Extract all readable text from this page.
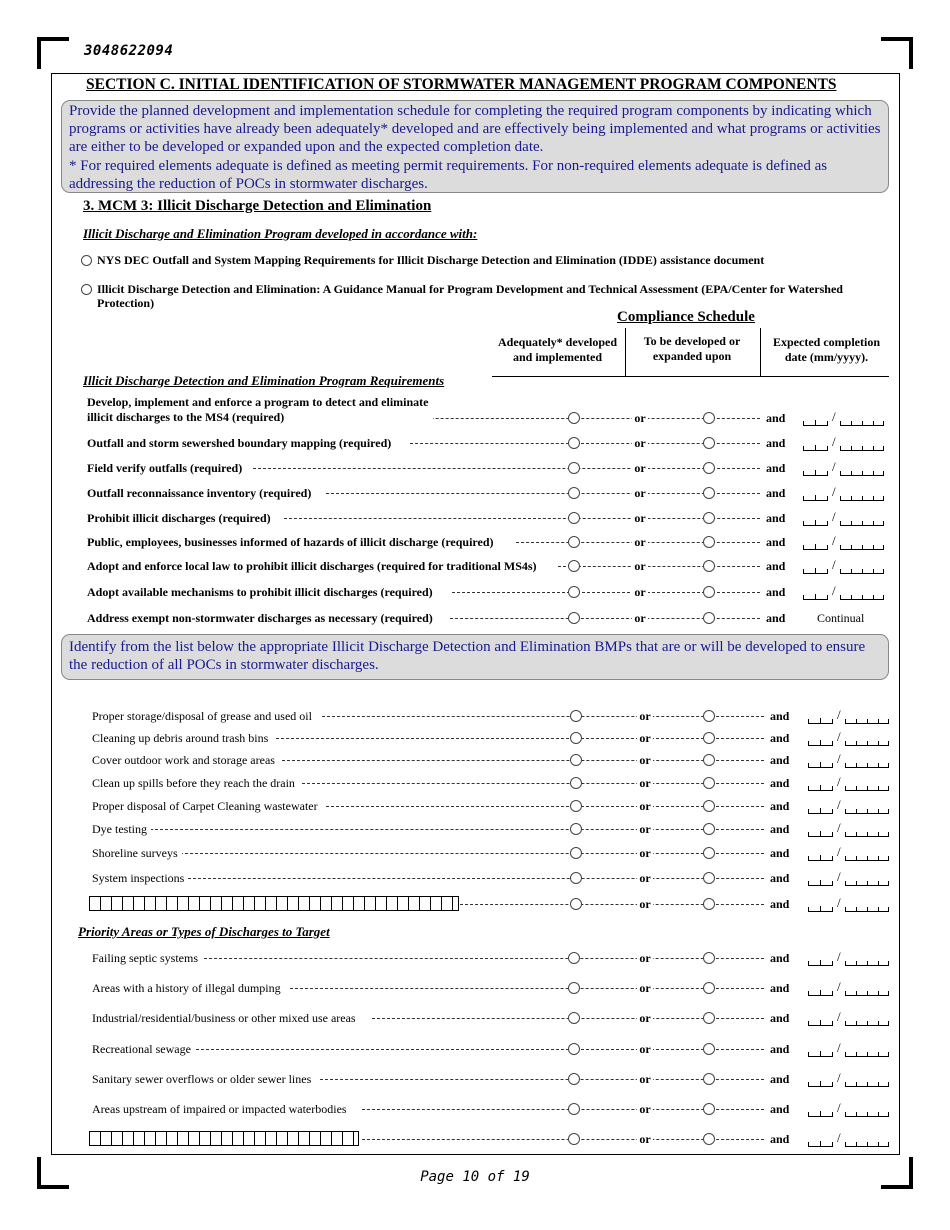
3048622094
SECTION C. INITIAL IDENTIFICATION OF STORMWATER MANAGEMENT PROGRAM COMPONENTS
Provide the planned development and implementation schedule for completing the required program components by indicating which programs or activities have already been adequately* developed and are effectively being implemented and what programs or activities are either to be developed or expanded upon and the expected completion date.
* For required elements adequate is defined as meeting permit requirements. For non-required elements adequate is defined as addressing the reduction of POCs in stormwater discharges.
3. MCM 3: Illicit Discharge Detection and Elimination
Illicit Discharge and Elimination Program developed in accordance with:
NYS DEC Outfall and System Mapping Requirements for Illicit Discharge Detection and Elimination (IDDE) assistance document
Illicit Discharge Detection and Elimination: A Guidance Manual for Program Development and Technical Assessment (EPA/Center for Watershed Protection)
Compliance Schedule
Adequately* developed and implemented
To be developed or expanded upon
Expected completion date (mm/yyyy).
Illicit Discharge Detection and Elimination Program Requirements
Develop, implement and enforce a program to detect and eliminate
illicit discharges to the MS4 (required)	or	and	/
Outfall and storm sewershed boundary mapping (required)	or	and	/
Field verify outfalls (required)	or	and	/
Outfall reconnaissance inventory (required)	or	and	/
Prohibit illicit discharges (required)	or	and	/
Public, employees, businesses informed of hazards of illicit discharge (required)	or	and	/
Adopt and enforce local law to prohibit illicit discharges (required for traditional MS4s)	or	and	/
Adopt available mechanisms to prohibit illicit discharges (required)	or	and	/
Address exempt non-stormwater discharges as necessary (required)	or	and	Continual
Identify from the list below the appropriate Illicit Discharge Detection and Elimination BMPs that are or will be developed to ensure the reduction of all POCs in stormwater discharges.
Proper storage/disposal of grease and used oil	or	and	/
Cleaning up debris around trash bins	or	and	/
Cover outdoor work and storage areas	or	and	/
Clean up spills before they reach the drain	or	and	/
Proper disposal of Carpet Cleaning wastewater	or	and	/
Dye testing	or	and	/
Shoreline surveys	or	and	/
System inspections	or	and	/
or	and	/
Priority Areas or Types of Discharges to Target
Failing septic systems	or	and	/
Areas with a history of illegal dumping	or	and	/
Industrial/residential/business or other mixed use areas	or	and	/
Recreational sewage	or	and	/
Sanitary sewer overflows or older sewer lines	or	and	/
Areas upstream of impaired or impacted waterbodies	or	and	/
or	and	/
Page 10 of 19
